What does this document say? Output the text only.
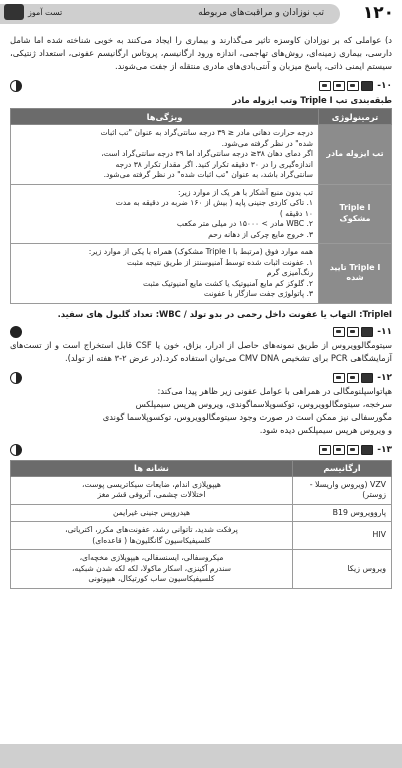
تست آموز	تب نوزادان و مراقبت‌های مربوطه ۱۲۰

د) عواملی که بر نوزادان کاوسزه تاثیر می‌گذارند و بیماری را ایجاد می‌کنند به خوبی شناخته شده اما شامل دارسی، بیماری زمینه‌ای، روش‌های تهاجمی، اندازه ورود ارگانیسم، پروتاس ارگانیسم عفونی، استعداد ژنتیکی، سیستم ایمنی ذاتی، پاسخ میزبان و آنتی‌بادی‌های مادری منتقله از جفت می‌شوند.

۱۰-
طبقه‌بندی تب Triple I وتب ایزوله مادر
ترمینولوژی	ویژگی‌ها
تب ایزوله مادر	درجه حرارت دهانی مادر ≤ ۳۹ درجه سانتی‌گراد به عنوان "تب اثبات
شده" در نظر گرفته می‌شود.
اگر دمای دهان ۳۸≤ درجه سانتی‌گراد اما ۳۹ درجه سانتی‌گراد است،
اندازه‌گیری را در ۳۰ دقیقه تکرار کنید. اگر مقدار تکرار ۳۸ درجه
سانتی‌گراد باشد، به عنوان "تب اثبات شده" در نظر گرفته می‌شود.

Triple I مشکوک	تب بدون منبع آشکار با هر یک از موارد زیر:
۱. تاکی کاردی جنینی پایه ( بیش از ۱۶۰ ضربه در دقیقه به مدت
۱۰ دقیقه )
۲. WBC مادر > ۱۵۰۰۰ در میلی متر مکعب
۳. خروج مایع چرکی از دهانه رحم

Triple I تایید شده	همه موارد فوق (مرتبط با Triple I مشکوک) همراه با یکی از موارد زیر:
۱. عفونت اثبات شده توسط آمنیوسنتز از طریق نتیجه مثبت
رنگ‌آمیزی گرم
۲. گلوکز کم مایع آمنیوتیک یا کشت مایع آمنیوتیک مثبت
۳. پاتولوژی جفت سازگار با عفونت
TripleI: التهاب یا عفونت داخل رحمی در بدو تولد / WBC: تعداد گلبول های سفید.
۱۱-

سیتومگالوویروس از طریق نمونه‌های حاصل از ادرار، بزاق، خون یا CSF قابل استخراج است و از تست‌های آزمایشگاهی PCR برای تشخیص CMV DNA می‌توان استفاده کرد.(در عرض ۲-۳ هفته از تولد).

۱۲-
هپاتواسپلنومگالی در همراهی با عوامل عفونی زیر ظاهر پیدا می‌کند:
سرخجه، سیتومگالوویروس، توکسوپلاسماگوندی، ویروس هرپس سیمپلکس
مگورسفالی نیز ممکن است در صورت وجود سیتومگالوویروس، توکسوپلاسما گوندی
و ویروس هرپس سیمپلکس دیده شود.
۱۳-
ارگانیسم	نشانه ها
VZV (ویروس واریسلا - زوستر)	هیپوپلازی اندام، ضایعات سیکاتریسی پوست،
اختلالات چشمی، آتروفی قشر مغز

پاروویروس B19	هیدروپس جنینی غیرایمن

HIV	پرفکت شدید، تاتوانی رشد، عفونت‌های مکرر، اکتریاتی،
کلسیفیکاسیون گانگلیون‌ها ( قاعده‌ای)

ویروس زیکا	میکروسفالی، ایسنسفالی، هیپوپلازی مخچه‌ای،
سندرم آکینزی، اسکار ماکولا، لکه لکه شدن شبکیه،
کلسیفیکاسیون ساب کورتیکال، هیپوتونی
